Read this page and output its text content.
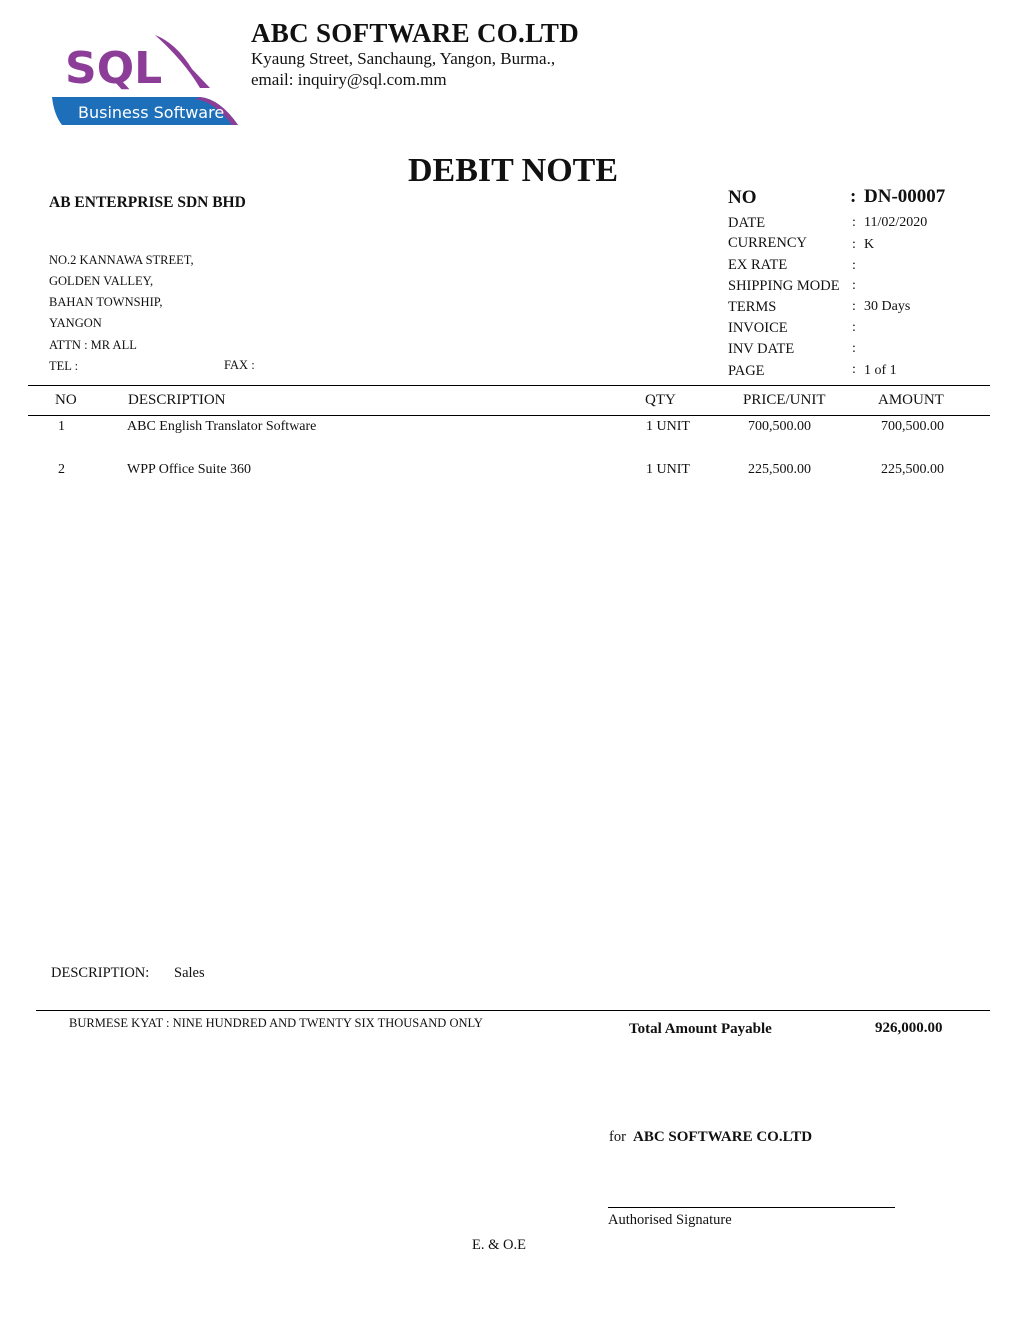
SQL
Business Software
ABC SOFTWARE CO.LTD
Kyaung Street, Sanchaung, Yangon, Burma.,
email: inquiry@sql.com.mm
DEBIT NOTE
AB ENTERPRISE SDN BHD
NO.2 KANNAWA STREET,
GOLDEN VALLEY,
BAHAN TOWNSHIP,
YANGON
ATTN : MR ALL
TEL :	FAX :
NO	: DN-00007
DATE	: 11/02/2020
CURRENCY	: K
EX RATE	:
SHIPPING MODE :
TERMS	: 30 Days
INVOICE	:
INV DATE	:
PAGE	: 1 of 1
NO	DESCRIPTION	QTY	PRICE/UNIT	AMOUNT
1	ABC English Translator Software	1 UNIT	700,500.00	700,500.00
2	WPP Office Suite 360	1 UNIT	225,500.00	225,500.00
DESCRIPTION: Sales
BURMESE KYAT : NINE HUNDRED AND TWENTY SIX THOUSAND ONLY	Total Amount Payable	926,000.00
for ABC SOFTWARE CO.LTD
Authorised Signature
E. & O.E
